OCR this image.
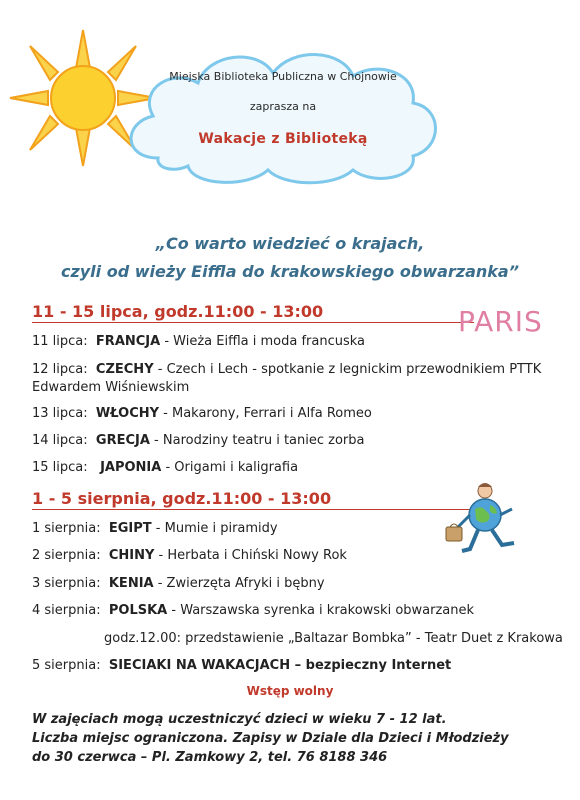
Miejska Biblioteka Publiczna w Chojnowie
zaprasza na
Wakacje z Biblioteką
„Co warto wiedzieć o krajach,
czyli od wieży Eiffla do krakowskiego obwarzanka”
11 - 15 lipca, godz.11:00 - 13:00	PARIS
11 lipca: FRANCJA - Wieża Eiffla i moda francuska
12 lipca: CZECHY - Czech i Lech - spotkanie z legnickim przewodnikiem PTTK
Edwardem Wiśniewskim
13 lipca: WŁOCHY - Makarony, Ferrari i Alfa Romeo
14 lipca: GRECJA - Narodziny teatru i taniec zorba
15 lipca: JAPONIA - Origami i kaligrafia
1 - 5 sierpnia, godz.11:00 - 13:00
1 sierpnia: EGIPT - Mumie i piramidy
2 sierpnia: CHINY - Herbata i Chiński Nowy Rok
3 sierpnia: KENIA - Zwierzęta Afryki i bębny
4 sierpnia: POLSKA - Warszawska syrenka i krakowski obwarzanek
godz.12.00: przedstawienie „Baltazar Bombka” - Teatr Duet z Krakowa
5 sierpnia: SIECIAKI NA WAKACJACH – bezpieczny Internet
Wstęp wolny
W zajęciach mogą uczestniczyć dzieci w wieku 7 - 12 lat.
Liczba miejsc ograniczona. Zapisy w Dziale dla Dzieci i Młodzieży
do 30 czerwca – Pl. Zamkowy 2, tel. 76 8188 346
